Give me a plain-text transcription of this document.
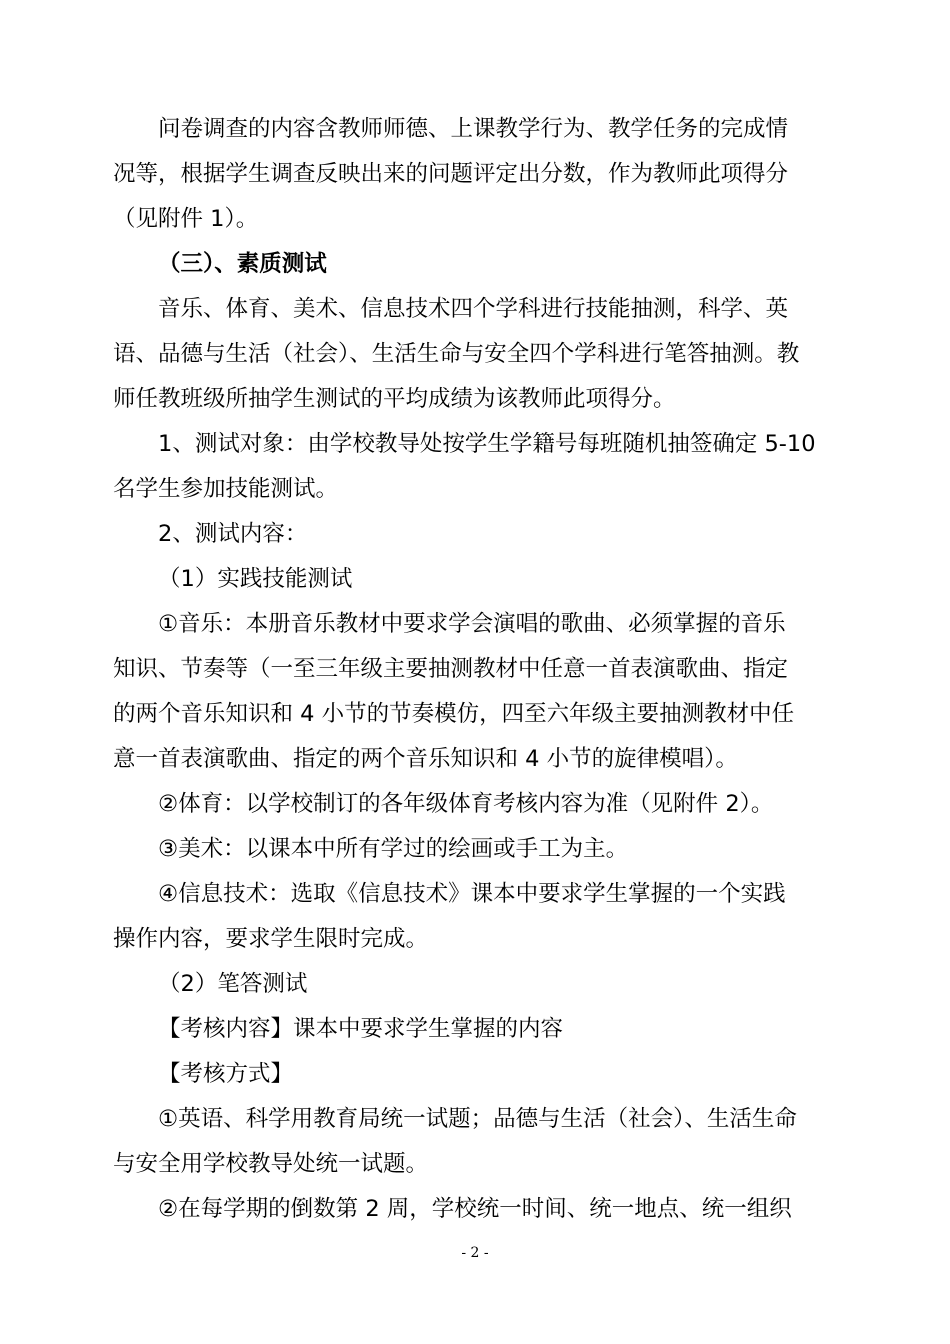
问卷调查的内容含教师师德、上课教学行为、教学任务的完成情

况等，根据学生调查反映出来的问题评定出分数，作为教师此项得分

（见附件 1）。

（三）、素质测试

音乐、体育、美术、信息技术四个学科进行技能抽测，科学、英

语、品德与生活（社会）、生活生命与安全四个学科进行笔答抽测。教

师任教班级所抽学生测试的平均成绩为该教师此项得分。

1、测试对象：由学校教导处按学生学籍号每班随机抽签确定 5-10

名学生参加技能测试。

2、测试内容：

（1）实践技能测试

①音乐：本册音乐教材中要求学会演唱的歌曲、必须掌握的音乐

知识、节奏等（一至三年级主要抽测教材中任意一首表演歌曲、指定

的两个音乐知识和 4 小节的节奏模仿，四至六年级主要抽测教材中任

意一首表演歌曲、指定的两个音乐知识和 4 小节的旋律模唱）。

②体育：以学校制订的各年级体育考核内容为准（见附件 2）。

③美术：以课本中所有学过的绘画或手工为主。

④信息技术：选取《信息技术》课本中要求学生掌握的一个实践

操作内容，要求学生限时完成。

（2）笔答测试

【考核内容】课本中要求学生掌握的内容

【考核方式】

①英语、科学用教育局统一试题；品德与生活（社会）、生活生命

与安全用学校教导处统一试题。

②在每学期的倒数第 2 周，学校统一时间、统一地点、统一组织

- 2 -
